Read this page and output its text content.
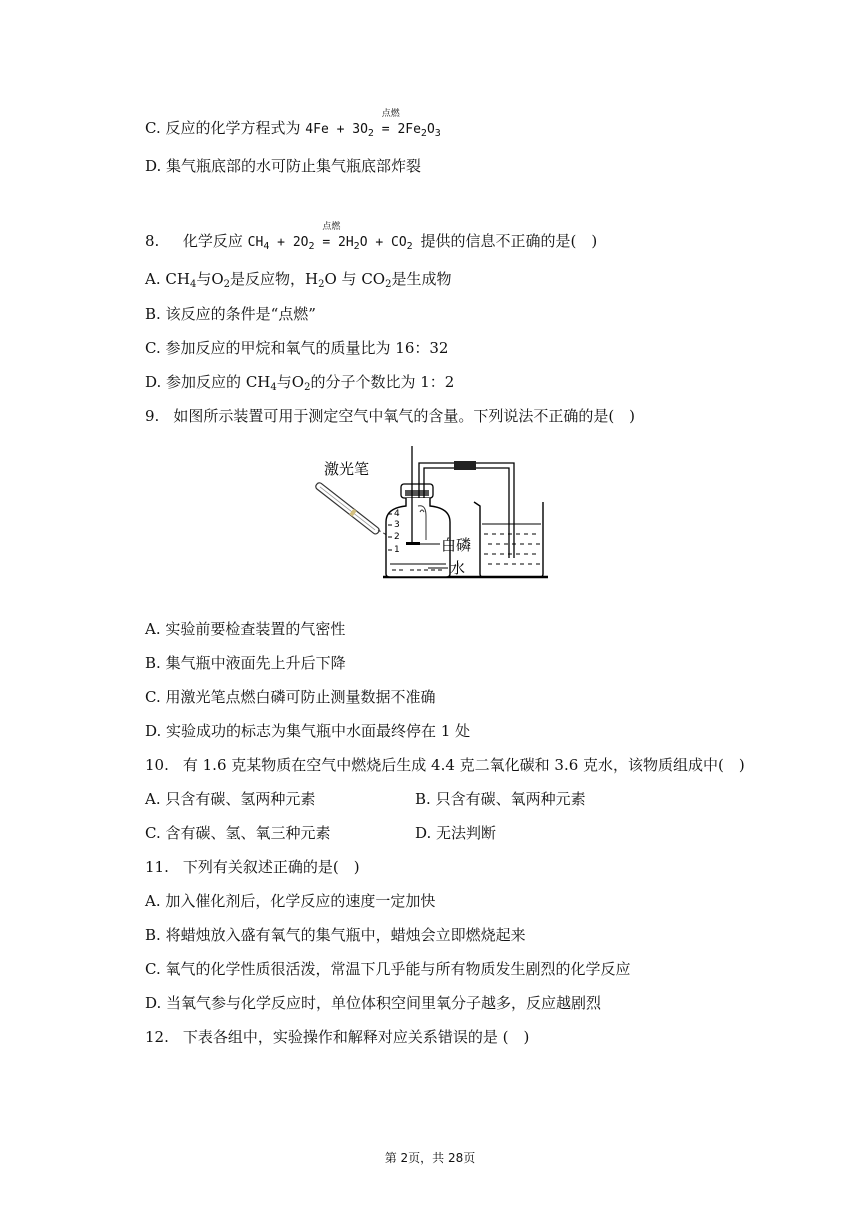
C. 反应的化学方程式为 $4Fe + 3O_2$
点燃
= $2Fe_2O_3$
D. 集气瓶底部的水可防止集气瓶底部炸裂
8. 化学反应 $CH_4 + 2O_2$
点燃
= $2H_2O + CO_2$ 提供的信息不正确的是( )
A. $CH_4$与$O_2$是反应物，$H_2O$ 与 $CO_2$是生成物
B. 该反应的条件是“点燃”
C. 参加反应的甲烷和氧气的质量比为 16：32
D. 参加反应的 $CH_4$与$O_2$的分子个数比为 1：2
9. 如图所示装置可用于测定空气中氧气的含量。下列说法不正确的是( )
激光笔
4
3
2
1	白磷
水
A. 实验前要检查装置的气密性
B. 集气瓶中液面先上升后下降
C. 用激光笔点燃白磷可防止测量数据不准确
D. 实验成功的标志为集气瓶中水面最终停在 1 处
10. 有 1.6 克某物质在空气中燃烧后生成 4.4 克二氧化碳和 3.6 克水，该物质组成中( )
A. 只含有碳、氢两种元素	B. 只含有碳、氧两种元素
C. 含有碳、氢、氧三种元素	D. 无法判断
11. 下列有关叙述正确的是( )
A. 加入催化剂后，化学反应的速度一定加快
B. 将蜡烛放入盛有氧气的集气瓶中，蜡烛会立即燃烧起来
C. 氧气的化学性质很活泼，常温下几乎能与所有物质发生剧烈的化学反应
D. 当氧气参与化学反应时，单位体积空间里氧分子越多，反应越剧烈
12. 下表各组中，实验操作和解释对应关系错误的是 ( )
第 2页，共 28页
